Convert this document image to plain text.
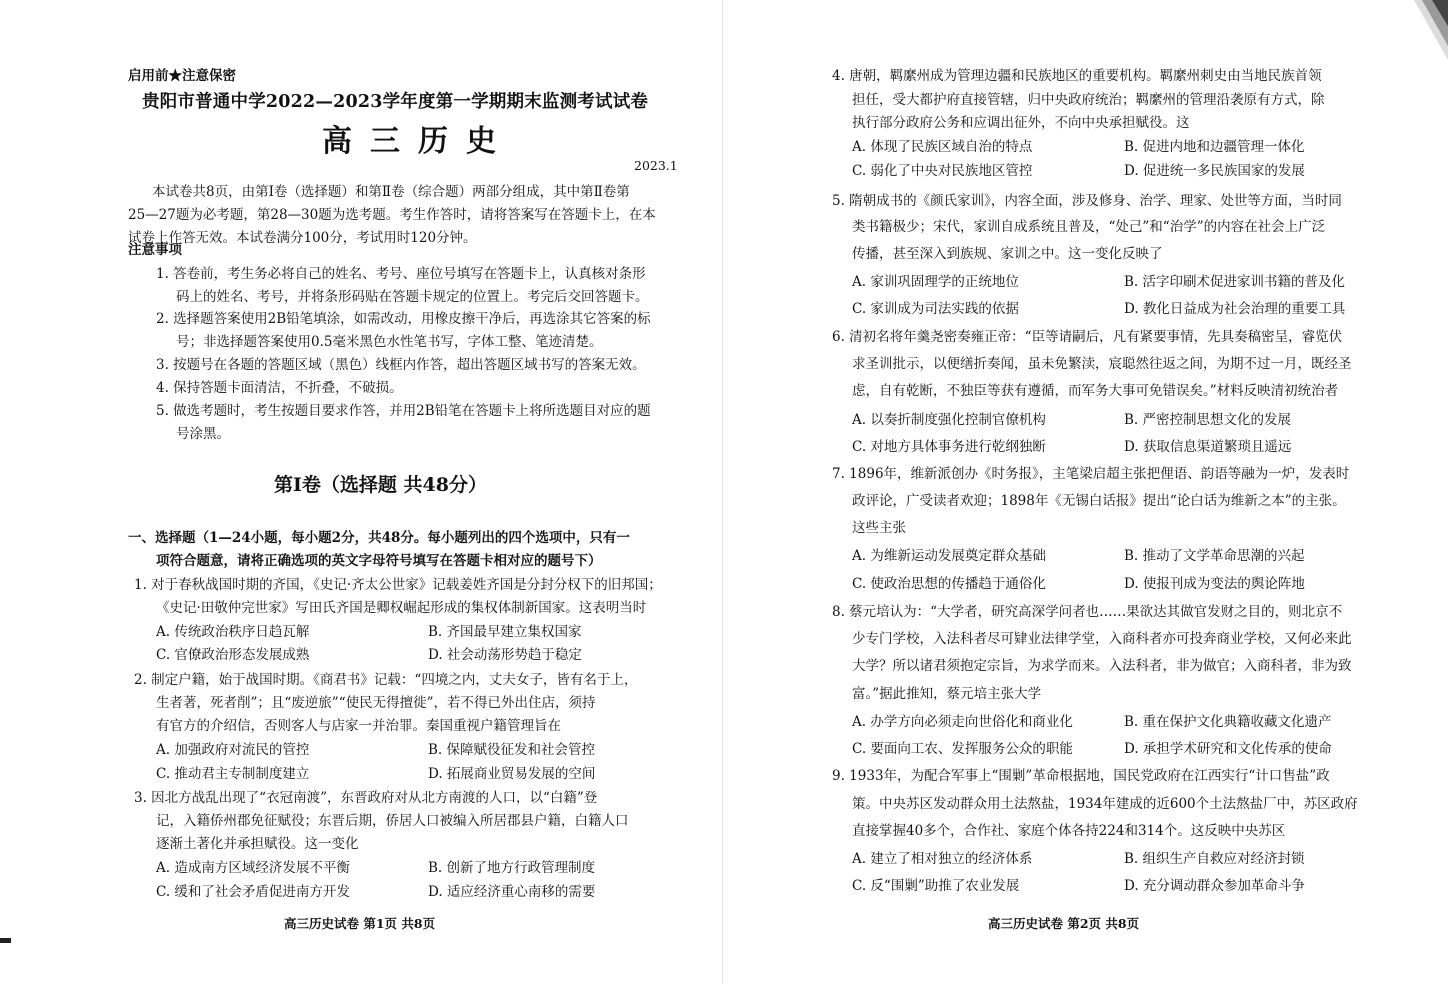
启用前★注意保密
贵阳市普通中学2022—2023学年度第一学期期末监测考试试卷
高三历史
2023.1
本试卷共8页，由第Ⅰ卷（选择题）和第Ⅱ卷（综合题）两部分组成，其中第Ⅱ卷第
25—27题为必考题，第28—30题为选考题。考生作答时，请将答案写在答题卡上，在本
试卷上作答无效。本试卷满分100分，考试用时120分钟。
注意事项
1. 答卷前，考生务必将自己的姓名、考号、座位号填写在答题卡上，认真核对条形
码上的姓名、考号，并将条形码贴在答题卡规定的位置上。考完后交回答题卡。
2. 选择题答案使用2B铅笔填涂，如需改动，用橡皮擦干净后，再选涂其它答案的标
号；非选择题答案使用0.5毫米黑色水性笔书写，字体工整、笔迹清楚。
3. 按题号在各题的答题区域（黑色）线框内作答，超出答题区域书写的答案无效。
4. 保持答题卡面清洁，不折叠，不破损。
5. 做选考题时，考生按题目要求作答，并用2B铅笔在答题卡上将所选题目对应的题
号涂黑。
第Ⅰ卷（选择题 共48分）
一、选择题（1—24小题，每小题2分，共48分。每小题列出的四个选项中，只有一
项符合题意，请将正确选项的英文字母符号填写在答题卡相对应的题号下）
1. 对于春秋战国时期的齐国，《史记·齐太公世家》记载姜姓齐国是分封分权下的旧邦国；
《史记·田敬仲完世家》写田氏齐国是卿权崛起形成的集权体制新国家。这表明当时
A. 传统政治秩序日趋瓦解	B. 齐国最早建立集权国家
C. 官僚政治形态发展成熟	D. 社会动荡形势趋于稳定
2. 制定户籍，始于战国时期。《商君书》记载：“四境之内，丈夫女子，皆有名于上，
生者著，死者削”；且“废逆旅”“使民无得擅徙”，若不得已外出住店，须持
有官方的介绍信，否则客人与店家一并治罪。秦国重视户籍管理旨在
A. 加强政府对流民的管控	B. 保障赋役征发和社会管控
C. 推动君主专制制度建立	D. 拓展商业贸易发展的空间
3. 因北方战乱出现了“衣冠南渡”，东晋政府对从北方南渡的人口，以“白籍”登
记，入籍侨州郡免征赋役；东晋后期，侨居人口被编入所居郡县户籍，白籍人口
逐渐土著化并承担赋役。这一变化
A. 造成南方区域经济发展不平衡	B. 创新了地方行政管理制度
C. 缓和了社会矛盾促进南方开发	D. 适应经济重心南移的需要
高三历史试卷 第1页 共8页
4. 唐朝，羁縻州成为管理边疆和民族地区的重要机构。羁縻州刺史由当地民族首领
担任，受大都护府直接管辖，归中央政府统治；羁縻州的管理沿袭原有方式，除
执行部分政府公务和应调出征外，不向中央承担赋役。这
A. 体现了民族区域自治的特点	B. 促进内地和边疆管理一体化
C. 弱化了中央对民族地区管控	D. 促进统一多民族国家的发展
5. 隋朝成书的《颜氏家训》，内容全面，涉及修身、治学、理家、处世等方面，当时同
类书籍极少；宋代，家训自成系统且普及，“处己”和“治学”的内容在社会上广泛
传播，甚至深入到族规、家训之中。这一变化反映了
A. 家训巩固理学的正统地位	B. 活字印刷术促进家训书籍的普及化
C. 家训成为司法实践的依据	D. 教化日益成为社会治理的重要工具
6. 清初名将年羹尧密奏雍正帝：“臣等请嗣后，凡有紧要事情，先具奏稿密呈，睿览伏
求圣训批示，以便缮折奏闻，虽未免繁渎，宸聪然往返之间，为期不过一月，既经圣
虑，自有乾断，不独臣等获有遵循，而军务大事可免错误矣。”材料反映清初统治者
A. 以奏折制度强化控制官僚机构	B. 严密控制思想文化的发展
C. 对地方具体事务进行乾纲独断	D. 获取信息渠道繁琐且遥远
7. 1896年，维新派创办《时务报》，主笔梁启超主张把俚语、韵语等融为一炉，发表时
政评论，广受读者欢迎；1898年《无锡白话报》提出“论白话为维新之本”的主张。
这些主张
A. 为维新运动发展奠定群众基础	B. 推动了文学革命思潮的兴起
C. 使政治思想的传播趋于通俗化	D. 使报刊成为变法的舆论阵地
8. 蔡元培认为：“大学者，研究高深学问者也……果欲达其做官发财之目的，则北京不
少专门学校，入法科者尽可肄业法律学堂，入商科者亦可投奔商业学校，又何必来此
大学？所以诸君须抱定宗旨，为求学而来。入法科者，非为做官；入商科者，非为致
富。”据此推知，蔡元培主张大学
A. 办学方向必须走向世俗化和商业化	B. 重在保护文化典籍收藏文化遗产
C. 要面向工农、发挥服务公众的职能	D. 承担学术研究和文化传承的使命
9. 1933年，为配合军事上“围剿”革命根据地，国民党政府在江西实行“计口售盐”政
策。中央苏区发动群众用土法熬盐，1934年建成的近600个土法熬盐厂中，苏区政府
直接掌握40多个，合作社、家庭个体各持224和314个。这反映中央苏区
A. 建立了相对独立的经济体系	B. 组织生产自救应对经济封锁
C. 反“围剿”助推了农业发展	D. 充分调动群众参加革命斗争
高三历史试卷 第2页 共8页
